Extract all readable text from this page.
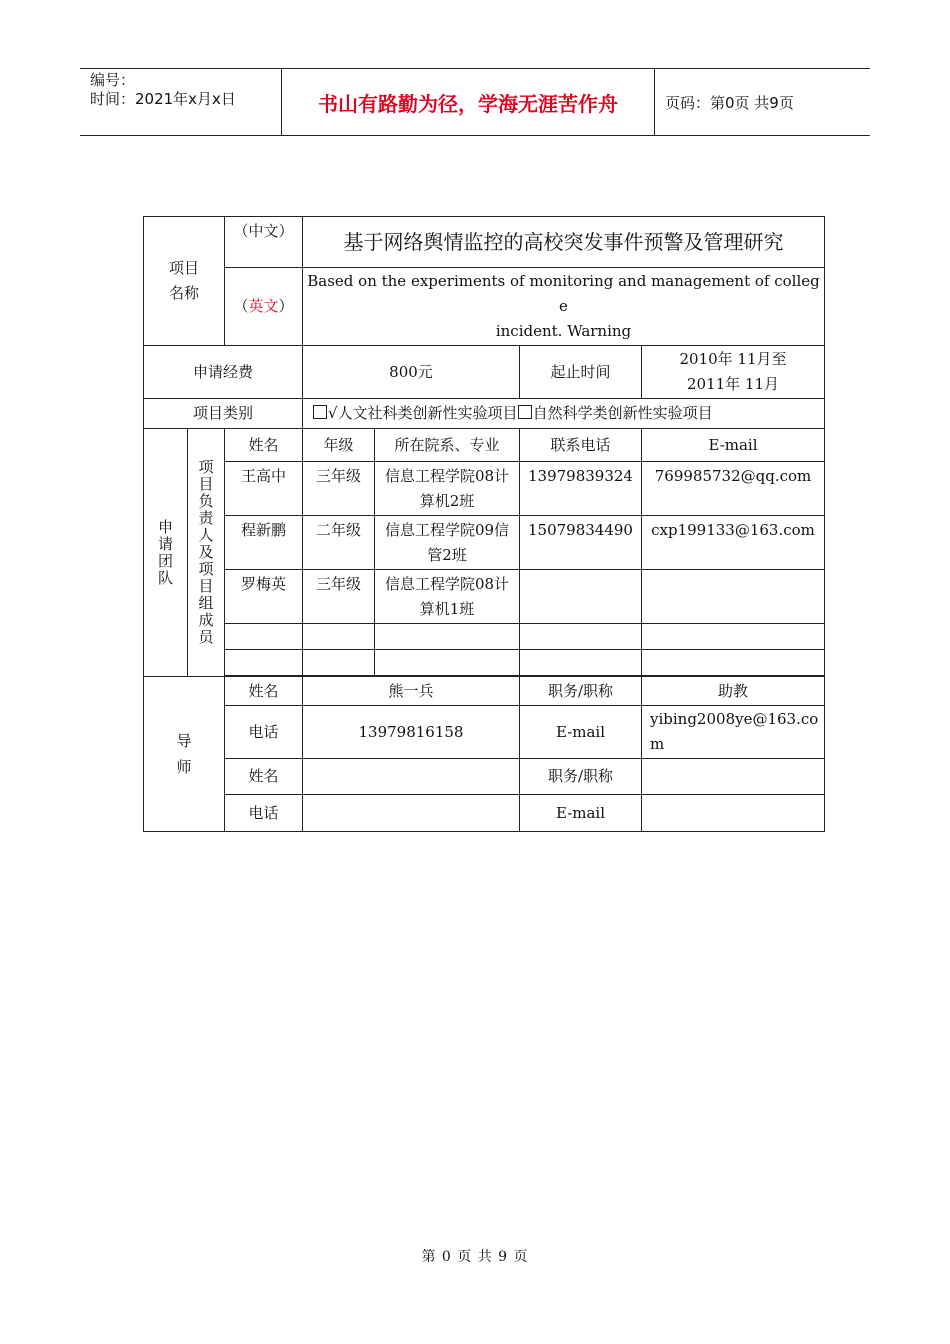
编号：
时间：2021年x月x日	书山有路勤为径，学海无涯苦作舟	页码：第0页 共9页
项目名称		（中文）	基于网络舆情监控的高校突发事件预警及管理研究			
		（英文）	Based on the experiments of monitoring and management of college
incident. Warning			

申请经费			800元		起止时间	2010年 11月至
2011年 11月

项目类别			√人文社科类创新性实验项目 自然科学类创新性实验项目			

申请团队	项目负责人及项目组成员	姓名	年级	所在院系、专业	联系电话	E-mail
		王高中	三年级	信息工程学院08计算机2班	13979839324	769985732@qq.com
		程新鹏	二年级	信息工程学院09信管2班	15079834490	cxp199133@163.com
		罗梅英	三年级	信息工程学院08计算机1班		

导师		姓名	熊一兵		职务/职称	助教
		电话	13979816158		E-mail	yibing2008ye@163.com
		姓名			职务/职称	
		电话			E-mail	
第 0 页 共 9 页
